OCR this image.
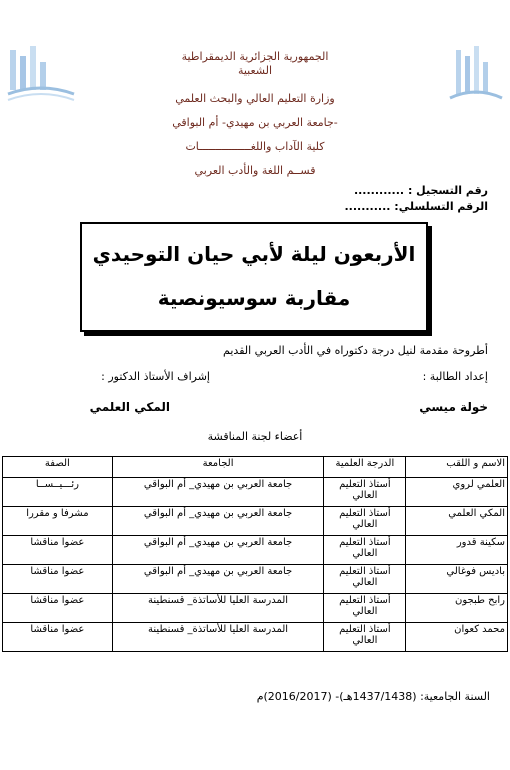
الجمهورية الجزائرية الديمقراطية
الشعبية
وزارة التعليم العالي والبحث العلمي
جامعة العربي بن مهيدي- أم البواقي-
كلية الآداب واللغــــــــــــــــات
قســم اللغة والأدب العربي
رقم التسجيل : ............
الرقم التسلسلي: ...........
الأربعون ليلة لأبي حيان التوحيدي
مقاربة سوسيونصية
أطروحة مقدمة لنيل درجة دكتوراه في الأدب العربي القديم
إعداد الطالبة :
إشراف الأستاذ الدكتور :
خولة ميسي
المكي العلمي
أعضاء لجنة المناقشة
الاسم و اللقب	الدرجة العلمية	الجامعة	الصفة
العلمي لروي	أستاذ التعليم العالي	جامعة العربي بن مهيدي_ أم البواقي	رئـــيــســا
المكي العلمي	أستاذ التعليم العالي	جامعة العربي بن مهيدي_ أم البواقي	مشرفا و مقررا
سكينة قدور	أستاذ التعليم العالي	جامعة العربي بن مهيدي_ أم البواقي	عضوا مناقشا
باديس فوغالي	أستاذ التعليم العالي	جامعة العربي بن مهيدي_ أم البواقي	عضوا مناقشا
رابح طبجون	أستاذ التعليم العالي	المدرسة العليا للأساتذة_ قسنطينة	عضوا مناقشا
محمد كعوان	أستاذ التعليم العالي	المدرسة العليا للأساتذة_ قسنطينة	عضوا مناقشا
السنة الجامعية: (1437/1438هـ)- (2016/2017)م
